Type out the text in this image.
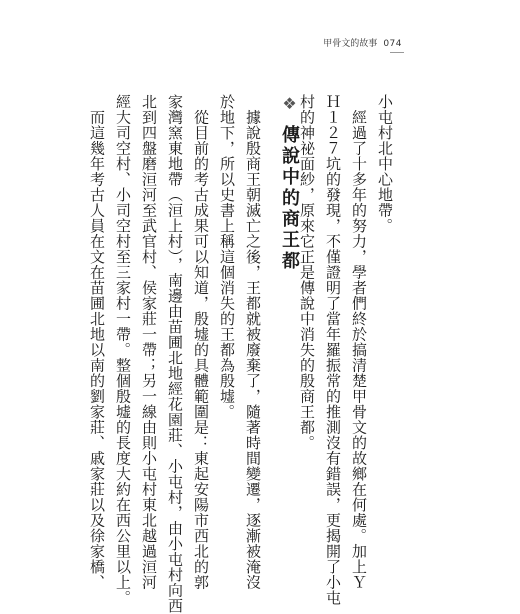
甲骨文的故事 074
小屯村北中心地帶。
　經過了十多年的努力，學者們終於搞清楚甲骨文的故鄉在何處。加上Ｙ
Ｈ１２７坑的發現，不僅證明了當年羅振常的推測沒有錯誤，更揭開了小屯
村的神祕面紗，原來它正是傳說中消失的殷商王都。
❖ 傳說中的商王都
　據說殷商王朝滅亡之後，王都就被廢棄了，隨著時間變遷，逐漸被淹沒
於地下，所以史書上稱這個消失的王都為殷墟。
　從目前的考古成果可以知道，殷墟的具體範圍是：東起安陽市西北的郭
家灣窯東地帶（洹上村），南邊由苗圃北地經花園莊、小屯村，由小屯村向西
北到四盤磨洹河至武官村、侯家莊一帶；另一線由則小屯村東北越過洹河
經大司空村、小司空村至三家村一帶。整個殷墟的長度大約在西公里以上。
　而這幾年考古人員在文在苗圃北地以南的劉家莊、戚家莊以及徐家橋、
